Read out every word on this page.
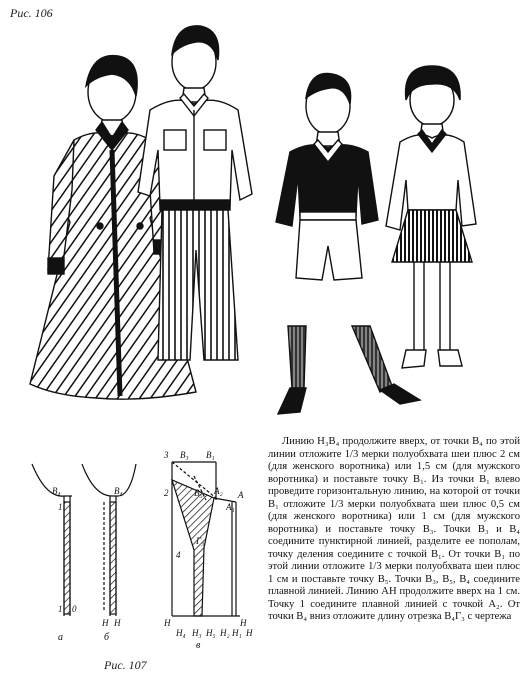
Рис. 106
В₄	В₄
1
1
Н Н	Н	Н
3 В₃ В₁
А₂ А
2	В₅
А₁
Г₃
4
Н₄ Н₃ Н₅ Н₂ Н₁ Н
0
а	б
в
Рис. 107

Линию Н₃В₄ продолжите вверх, от точки В₄ по этой линии отложите 1/3 мерки полуобхвата шеи плюс 2 см (для женского воротника) или 1,5 см (для мужского воротника) и поставьте точку В₁. Из точки В₁ влево проведите горизонтальную линию, на которой от точки В₁ отложите 1/3 мерки полуобхвата шеи плюс 0,5 см (для женского воротника) или 1 см (для мужского воротника) и поставьте точку В₃. Точки В₃ и В₄ соедините пунктирной линией, разделите ее пополам, точку деления соедините с точкой В₁. От точки В₁ по этой линии отложите 1/3 мерки полуобхвата шеи плюс 1 см и поставьте точку В₅. Точки В₃, В₅, В₄ соедините плавной линией. Линию АН продолжите вверх на 1 см. Точку 1 соедините плавной линией с точкой А₂. От точки В₄ вниз отложите длину отрезка В₄Г₃ с чертежа
